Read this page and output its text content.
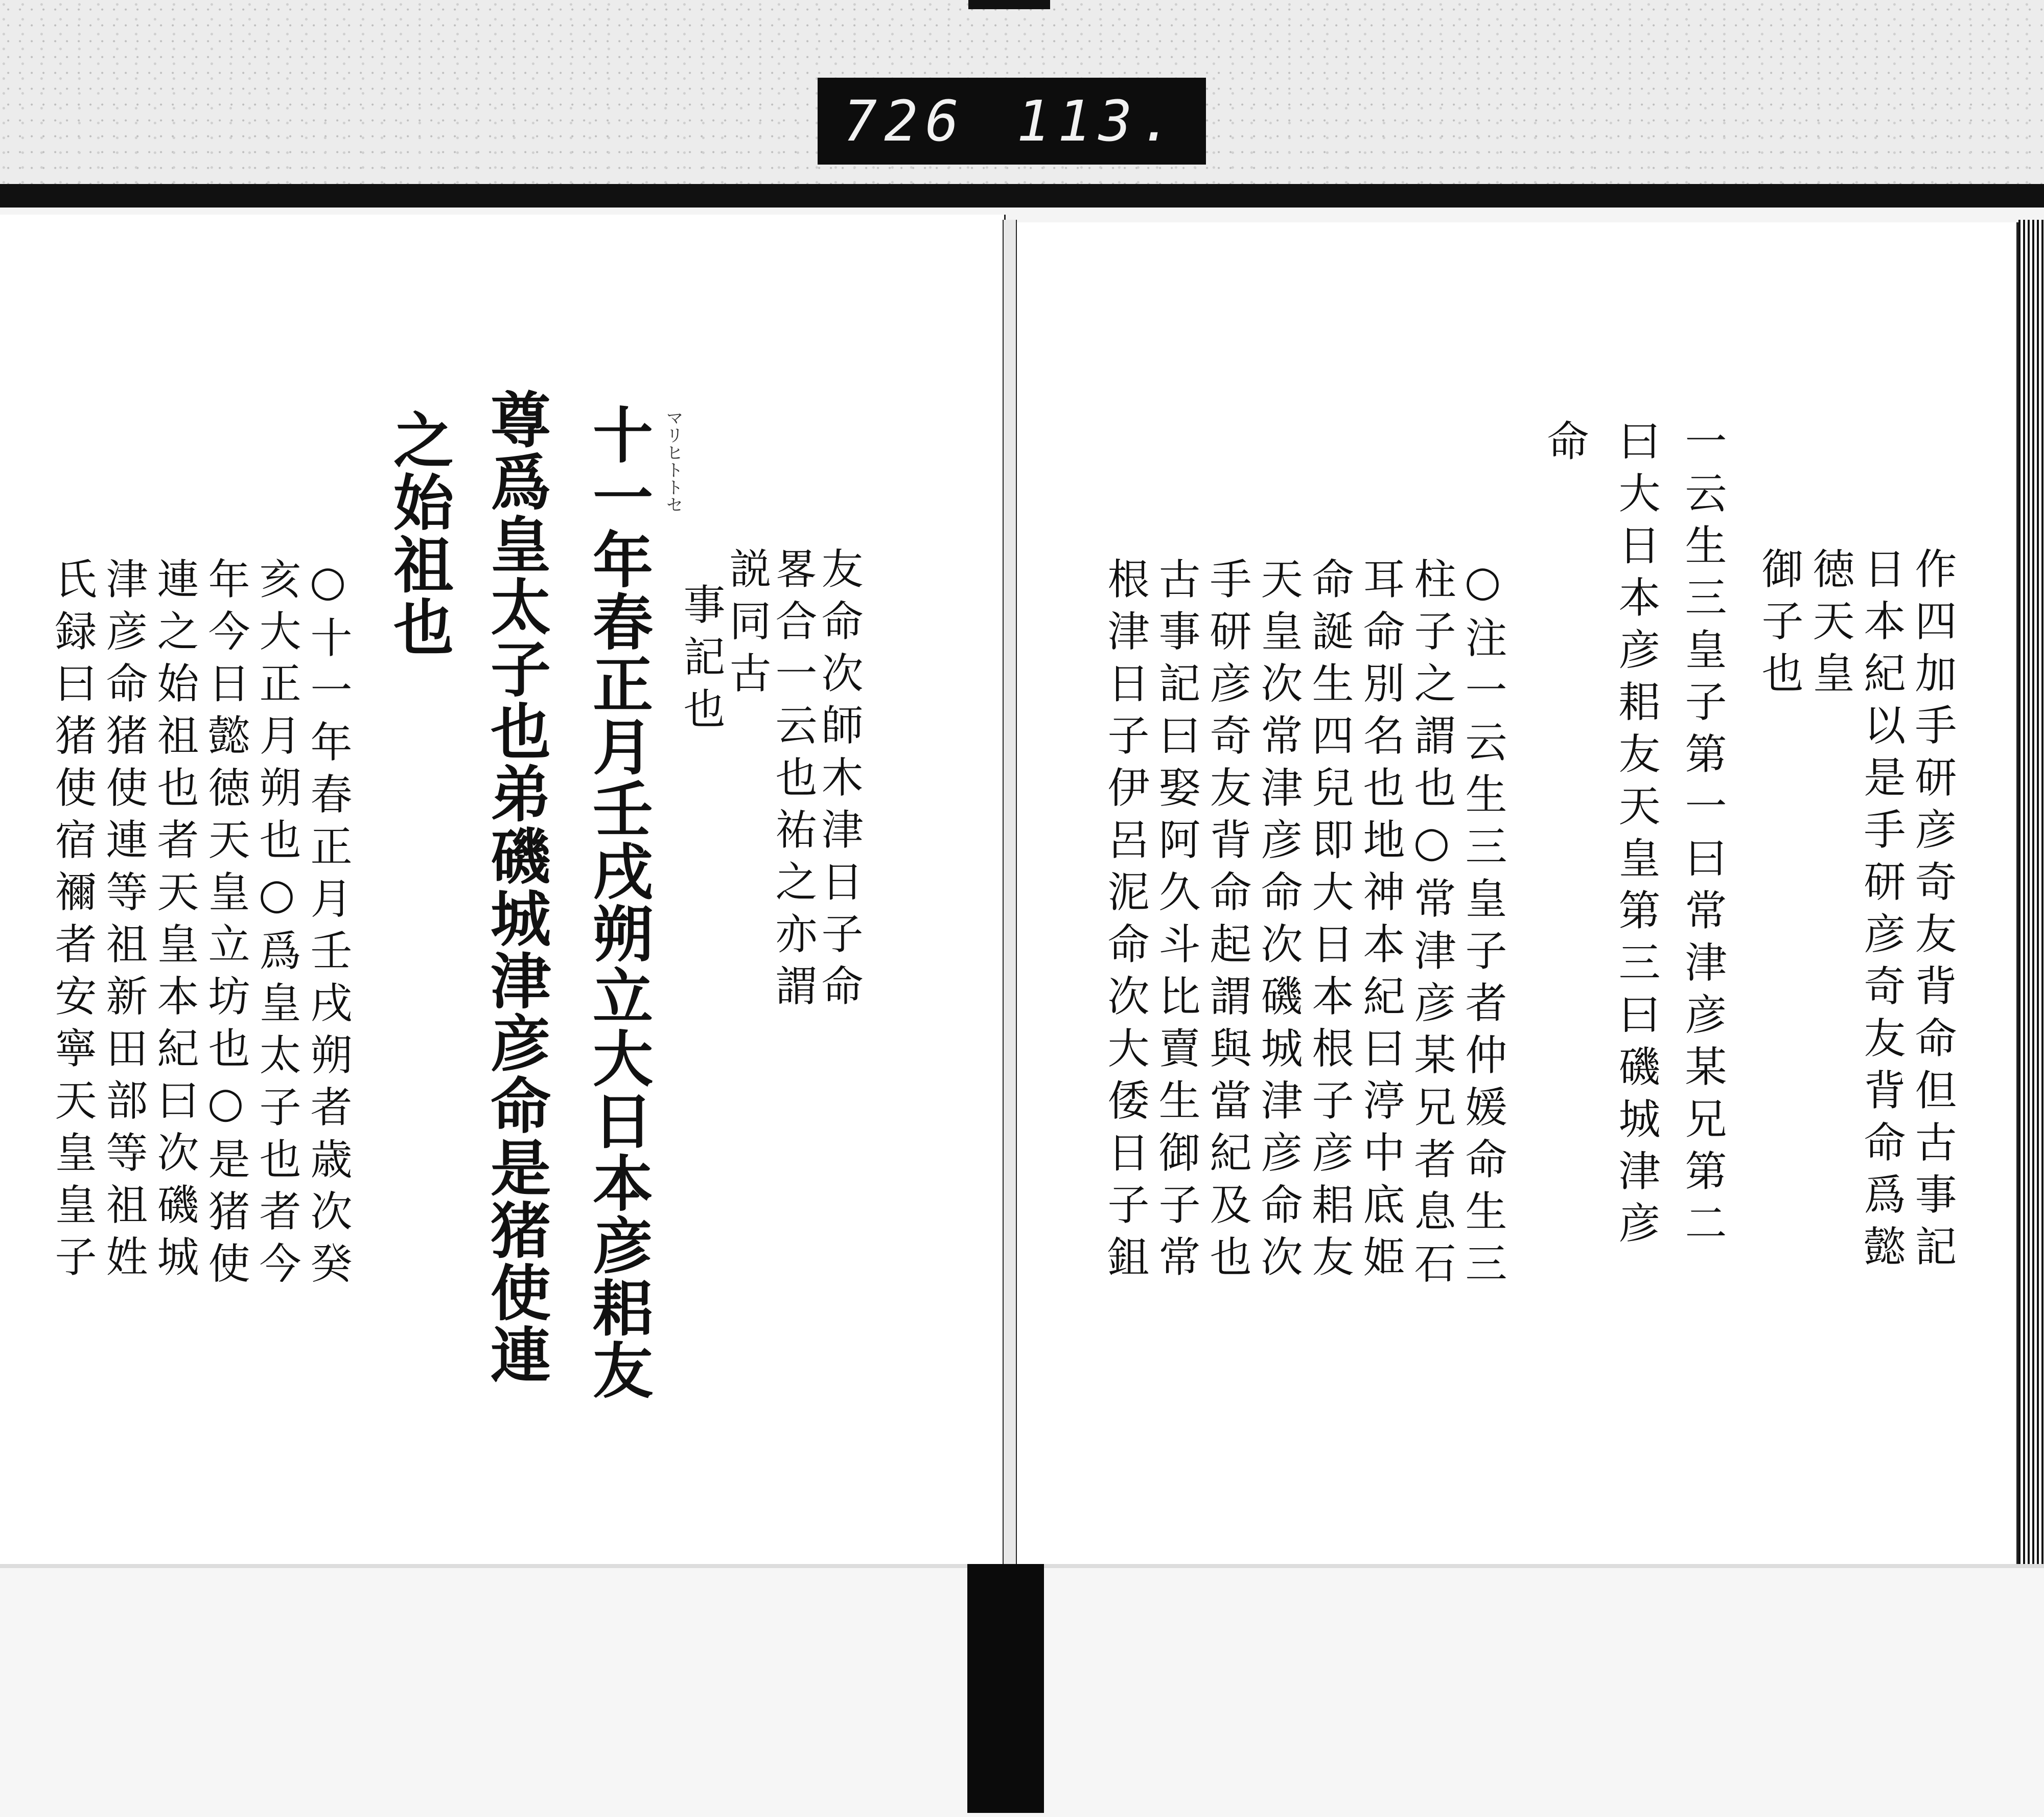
726 113.
十一年春正月壬戌朔立大日本彦耜友
尊爲皇太子也弟磯城津彦命是猪使連
之始祖也	マリヒトトセ
友命次師木津日子命
畧合一云也祐之亦謂
説同古
事記也
○十一年春正月壬戌朔者歳次癸
亥大正月朔也○爲皇太子也者今
年今日懿徳天皇立坊也○是猪使
連之始祖也者天皇本紀曰次磯城
津彦命猪使連等祖新田部等祖姓
氏録曰猪使宿禰者安寧天皇皇子	作四加手研彦奇友背命但古事記
日本紀以是手研彦奇友背命爲懿
徳天皇
御子也
一云生三皇子第一曰常津彦某兄第二
曰大日本彦耜友天皇第三曰磯城津彦
命
○注一云生三皇子者仲媛命生三
柱子之謂也○常津彦某兄者息石
耳命別名也地神本紀曰渟中底姫
命誕生四兒即大日本根子彦耜友
天皇次常津彦命次磯城津彦命次
手研彦奇友背命起謂與當紀及也
古事記曰娶阿久斗比賣生御子常
根津日子伊呂泥命次大倭日子鉏
